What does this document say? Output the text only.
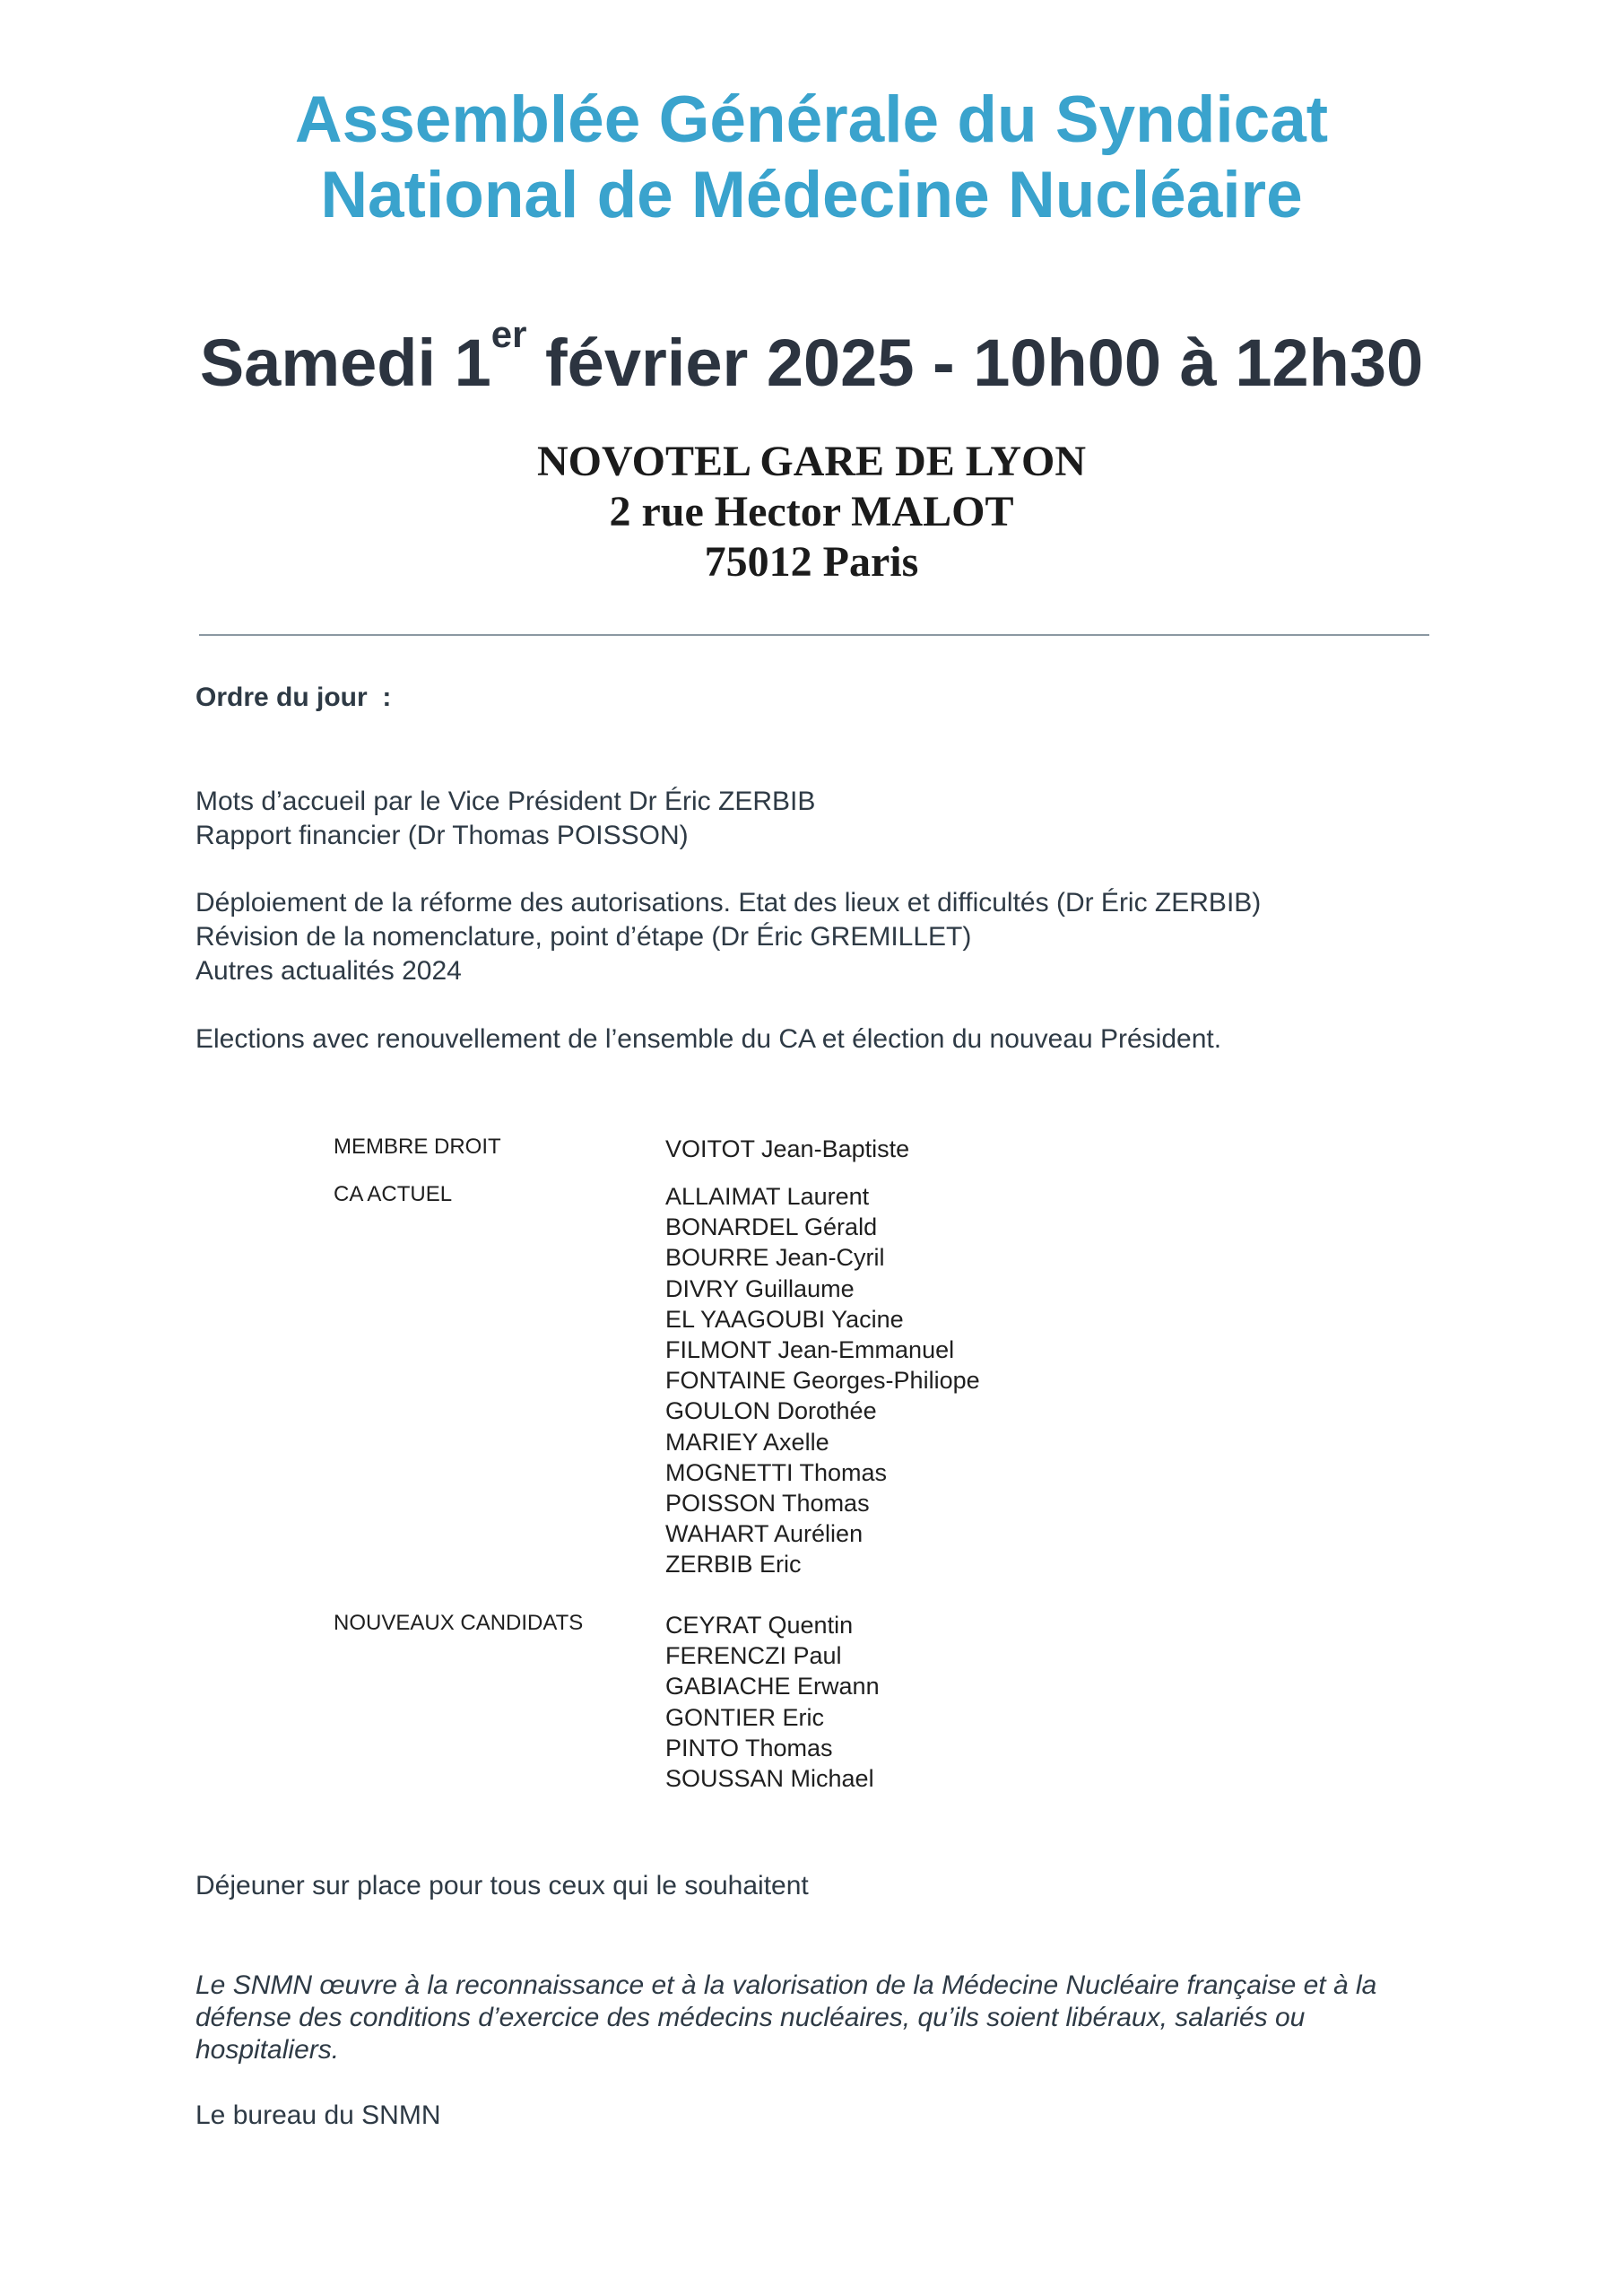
Assemblée Générale du Syndicat
National de Médecine Nucléaire
Samedi 1er février 2025 - 10h00 à 12h30
NOVOTEL GARE DE LYON
2 rue Hector MALOT
75012 Paris
Ordre du jour  :
Mots d’accueil par le Vice Président Dr Éric ZERBIB
Rapport financier (Dr Thomas POISSON)
Déploiement de la réforme des autorisations. Etat des lieux et difficultés (Dr Éric ZERBIB)
Révision de la nomenclature, point d’étape (Dr Éric GREMILLET)
Autres actualités 2024
Elections avec renouvellement de l’ensemble du CA et élection du nouveau Président.
MEMBRE DROIT	VOITOT Jean-Baptiste
CA ACTUEL	ALLAIMAT Laurent
BONARDEL Gérald
BOURRE Jean-Cyril
DIVRY Guillaume
EL YAAGOUBI Yacine
FILMONT Jean-Emmanuel
FONTAINE Georges-Philiope
GOULON Dorothée
MARIEY Axelle
MOGNETTI Thomas
POISSON Thomas
WAHART Aurélien
ZERBIB Eric
NOUVEAUX CANDIDATS	CEYRAT Quentin
FERENCZI Paul
GABIACHE Erwann
GONTIER Eric
PINTO Thomas
SOUSSAN Michael
Déjeuner sur place pour tous ceux qui le souhaitent
Le SNMN œuvre à la reconnaissance et à la valorisation de la Médecine Nucléaire française et à la défense des conditions d’exercice des médecins nucléaires, qu’ils soient libéraux, salariés ou hospitaliers.
Le bureau du SNMN
